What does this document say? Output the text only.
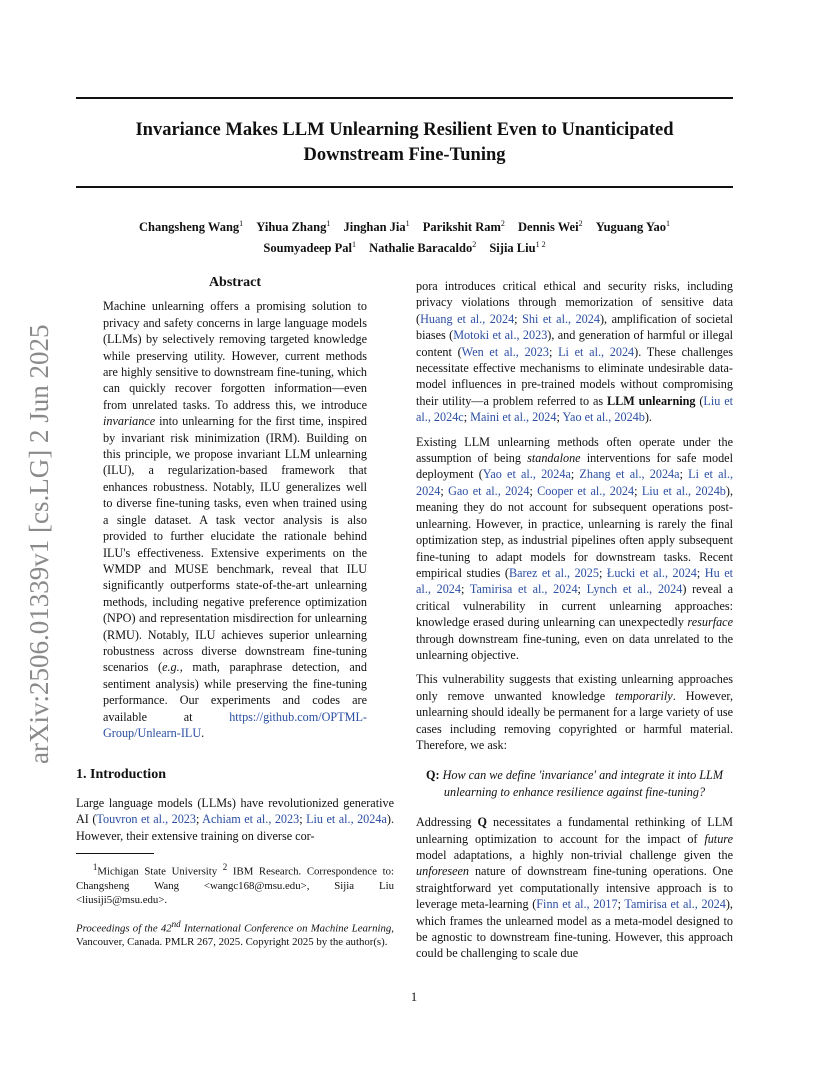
arXiv:2506.01339v1 [cs.LG] 2 Jun 2025
Invariance Makes LLM Unlearning Resilient Even to Unanticipated
Downstream Fine-Tuning
Changsheng Wang$^1$ Yihua Zhang$^1$ Jinghan Jia$^1$ Parikshit Ram$^2$ Dennis Wei$^2$ Yuguang Yao$^1$
Soumyadeep Pal$^1$ Nathalie Baracaldo$^2$ Sijia Liu$^{1 2}$
Abstract

Machine unlearning offers a promising solution to privacy and safety concerns in large language models (LLMs) by selectively removing targeted knowledge while preserving utility. However, current methods are highly sensitive to downstream fine-tuning, which can quickly recover forgotten information—even from unrelated tasks. To address this, we introduce invariance into unlearning for the first time, inspired by invariant risk minimization (IRM). Building on this principle, we propose invariant LLM unlearning (ILU), a regularization-based framework that enhances robustness. Notably, ILU generalizes well to diverse fine-tuning tasks, even when trained using a single dataset. A task vector analysis is also provided to further elucidate the rationale behind ILU's effectiveness. Extensive experiments on the WMDP and MUSE benchmark, reveal that ILU significantly outperforms state-of-the-art unlearning methods, including negative preference optimization (NPO) and representation misdirection for unlearning (RMU). Notably, ILU achieves superior unlearning robustness across diverse downstream fine-tuning scenarios (e.g., math, paraphrase detection, and sentiment analysis) while preserving the fine-tuning performance. Our experiments and codes are available at https://github.com/OPTML-Group/Unlearn-ILU.

1. Introduction

Large language models (LLMs) have revolutionized generative AI (Touvron et al., 2023; Achiam et al., 2023; Liu et al., 2024a). However, their extensive training on diverse cor-

$^1$Michigan State University $^2$ IBM Research. Correspondence to: Changsheng Wang <wangc168@msu.edu>, Sijia Liu <liusiji5@msu.edu>.

Proceedings of the 42nd International Conference on Machine Learning, Vancouver, Canada. PMLR 267, 2025. Copyright 2025 by the author(s).

pora introduces critical ethical and security risks, including privacy violations through memorization of sensitive data (Huang et al., 2024; Shi et al., 2024), amplification of societal biases (Motoki et al., 2023), and generation of harmful or illegal content (Wen et al., 2023; Li et al., 2024). These challenges necessitate effective mechanisms to eliminate undesirable data-model influences in pre-trained models without compromising their utility—a problem referred to as LLM unlearning (Liu et al., 2024c; Maini et al., 2024; Yao et al., 2024b).

Existing LLM unlearning methods often operate under the assumption of being standalone interventions for safe model deployment (Yao et al., 2024a; Zhang et al., 2024a; Li et al., 2024; Gao et al., 2024; Cooper et al., 2024; Liu et al., 2024b), meaning they do not account for subsequent operations post-unlearning. However, in practice, unlearning is rarely the final optimization step, as industrial pipelines often apply subsequent fine-tuning to adapt models for downstream tasks. Recent empirical studies (Barez et al., 2025; Łucki et al., 2024; Hu et al., 2024; Tamirisa et al., 2024; Lynch et al., 2024) reveal a critical vulnerability in current unlearning approaches: knowledge erased during unlearning can unexpectedly resurface through downstream fine-tuning, even on data unrelated to the unlearning objective.

This vulnerability suggests that existing unlearning approaches only remove unwanted knowledge temporarily. However, unlearning should ideally be permanent for a large variety of use cases including removing copyrighted or harmful material. Therefore, we ask:

Q: How can we define 'invariance' and integrate it into LLM unlearning to enhance resilience against fine-tuning?

Addressing Q necessitates a fundamental rethinking of LLM unlearning optimization to account for the impact of future model adaptations, a highly non-trivial challenge given the unforeseen nature of downstream fine-tuning operations. One straightforward yet computationally intensive approach is to leverage meta-learning (Finn et al., 2017; Tamirisa et al., 2024), which frames the unlearned model as a meta-model designed to be agnostic to downstream fine-tuning. However, this approach could be challenging to scale due

1
